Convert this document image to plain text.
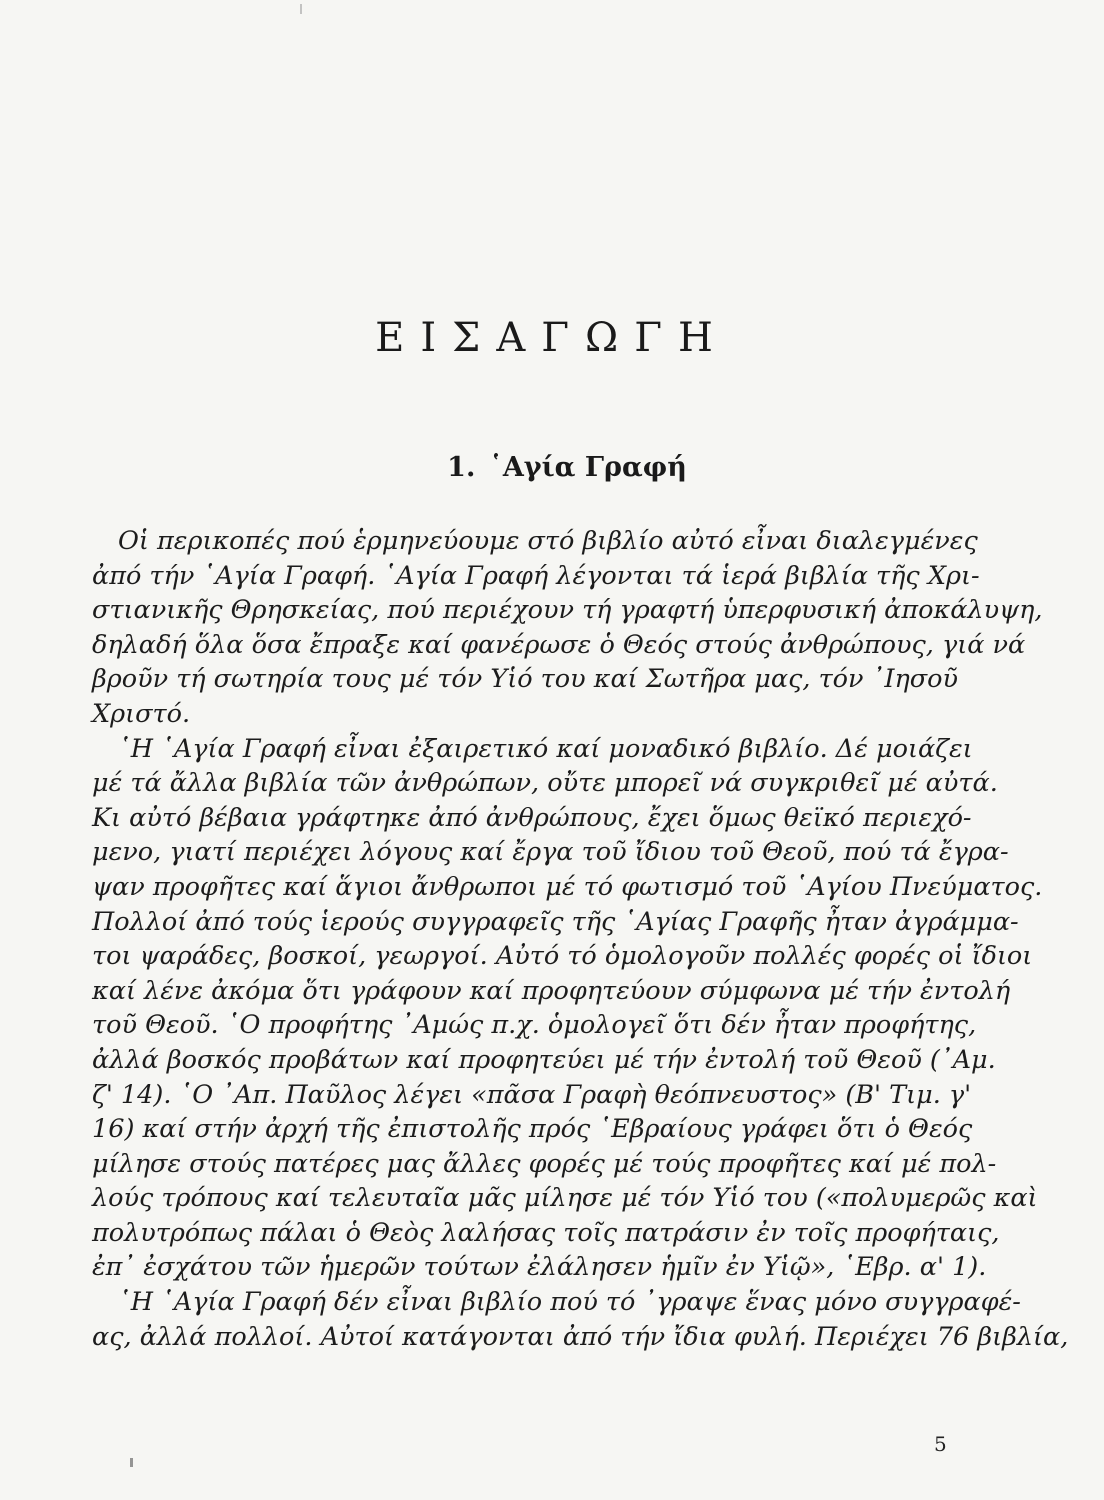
ΕΙΣΑΓΩΓΗ
1. ῾Αγία Γραφή
Οἱ περικοπές πού ἑρμηνεύουμε στό βιβλίο αὐτό εἶναι διαλεγμένες
ἀπό τήν ῾Αγία Γραφή. ῾Αγία Γραφή λέγονται τά ἱερά βιβλία τῆς Χρι-
στιανικῆς Θρησκείας, πού περιέχουν τή γραφτή ὑπερφυσική ἀποκάλυψη,
δηλαδή ὅλα ὅσα ἔπραξε καί φανέρωσε ὁ Θεός στούς ἀνθρώπους, γιά νά
βροῦν τή σωτηρία τους μέ τόν Υἱό του καί Σωτῆρα μας, τόν ᾿Ιησοῦ
Χριστό.
῾Η ῾Αγία Γραφή εἶναι ἐξαιρετικό καί μοναδικό βιβλίο. Δέ μοιάζει
μέ τά ἄλλα βιβλία τῶν ἀνθρώπων, οὔτε μπορεῖ νά συγκριθεῖ μέ αὐτά.
Κι αὐτό βέβαια γράφτηκε ἀπό ἀνθρώπους, ἔχει ὅμως θεϊκό περιεχό-
μενο, γιατί περιέχει λόγους καί ἔργα τοῦ ἴδιου τοῦ Θεοῦ, πού τά ἔγρα-
ψαν προφῆτες καί ἅγιοι ἄνθρωποι μέ τό φωτισμό τοῦ ῾Αγίου Πνεύματος.
Πολλοί ἀπό τούς ἱερούς συγγραφεῖς τῆς ῾Αγίας Γραφῆς ἦταν ἀγράμμα-
τοι ψαράδες, βοσκοί, γεωργοί. Αὐτό τό ὁμολογοῦν πολλές φορές οἱ ἴδιοι
καί λένε ἀκόμα ὅτι γράφουν καί προφητεύουν σύμφωνα μέ τήν ἐντολή
τοῦ Θεοῦ. ῾Ο προφήτης ᾿Αμώς π.χ. ὁμολογεῖ ὅτι δέν ἦταν προφήτης,
ἀλλά βοσκός προβάτων καί προφητεύει μέ τήν ἐντολή τοῦ Θεοῦ (᾿Αμ.
ζ' 14). ῾Ο ᾿Απ. Παῦλος λέγει «πᾶσα Γραφὴ θεόπνευστος» (Β' Τιμ. γ'
16) καί στήν ἀρχή τῆς ἐπιστολῆς πρός ῾Εβραίους γράφει ὅτι ὁ Θεός
μίλησε στούς πατέρες μας ἄλλες φορές μέ τούς προφῆτες καί μέ πολ-
λούς τρόπους καί τελευταῖα μᾶς μίλησε μέ τόν Υἱό του («πολυμερῶς καὶ
πολυτρόπως πάλαι ὁ Θεὸς λαλήσας τοῖς πατράσιν ἐν τοῖς προφήταις,
ἐπ᾿ ἐσχάτου τῶν ἡμερῶν τούτων ἐλάλησεν ἡμῖν ἐν Υἱῷ», ῾Εβρ. α' 1).
῾Η ῾Αγία Γραφή δέν εἶναι βιβλίο πού τό ᾿γραψε ἕνας μόνο συγγραφέ-
ας, ἀλλά πολλοί. Αὐτοί κατάγονται ἀπό τήν ἴδια φυλή. Περιέχει 76 βιβλία,
5
